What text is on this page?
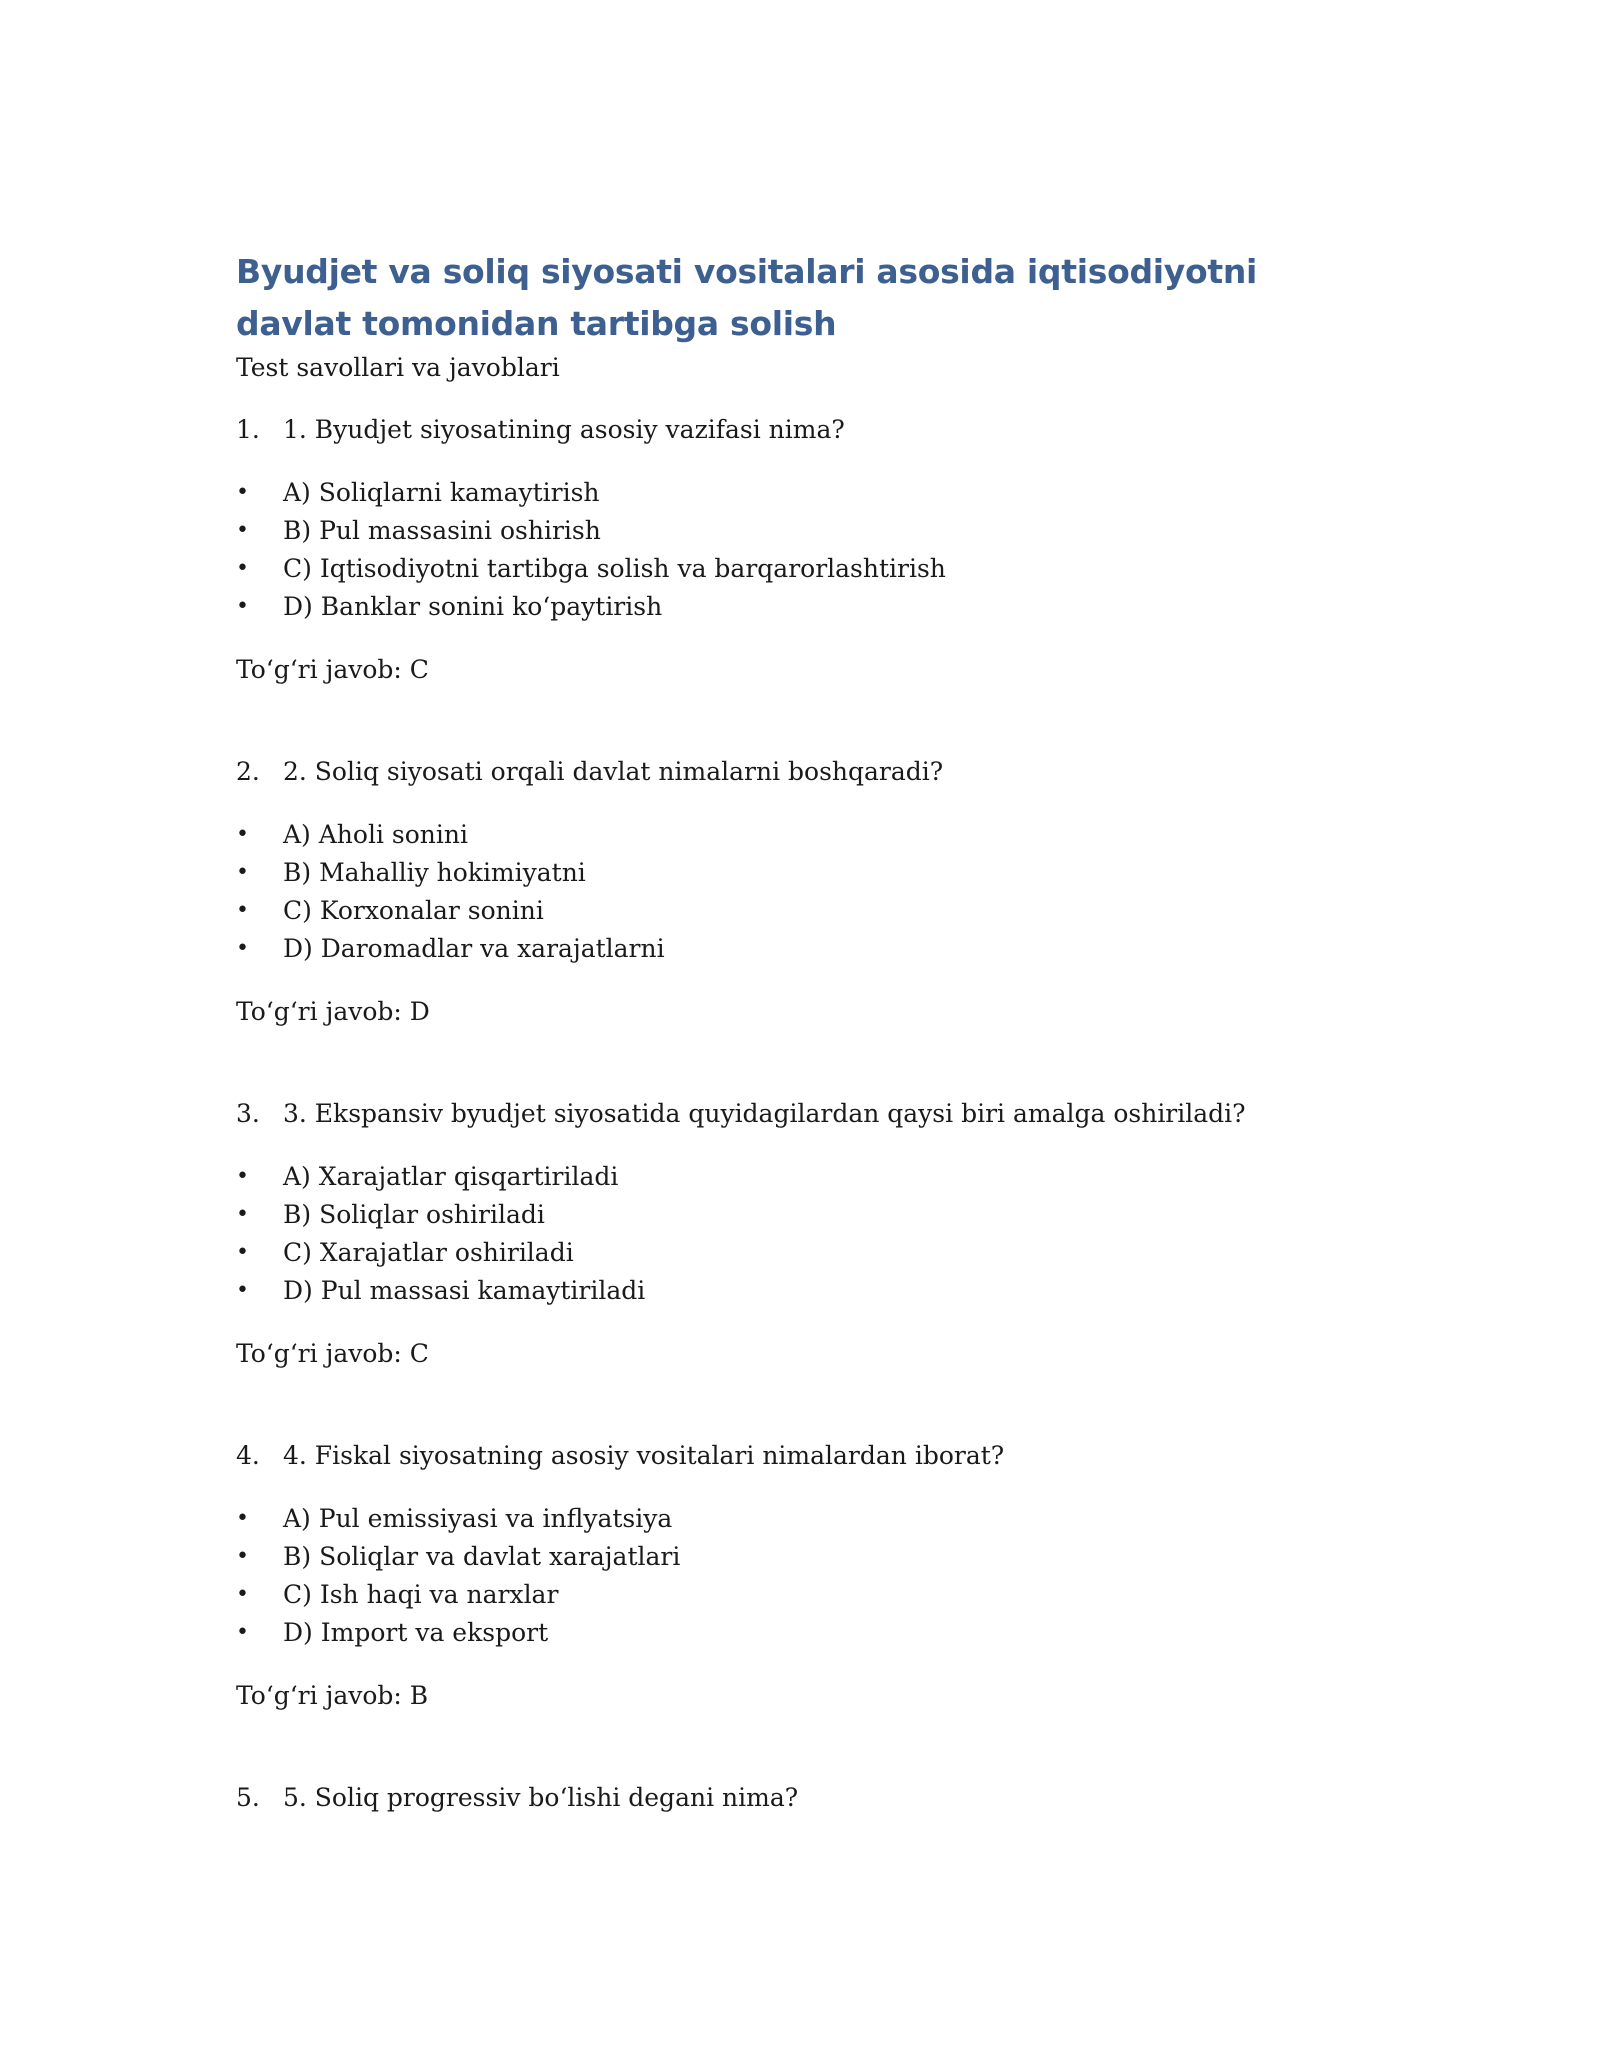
Byudjet va soliq siyosati vositalari asosida iqtisodiyotni davlat tomonidan tartibga solish

Test savollari va javoblari

1. 1. Byudjet siyosatining asosiy vazifasi nima?
•	A) Soliqlarni kamaytirish
•	B) Pul massasini oshirish
•	C) Iqtisodiyotni tartibga solish va barqarorlashtirish
•	D) Banklar sonini ko‘paytirish

To‘g‘ri javob: C

2. 2. Soliq siyosati orqali davlat nimalarni boshqaradi?
•	A) Aholi sonini
•	B) Mahalliy hokimiyatni
•	C) Korxonalar sonini
•	D) Daromadlar va xarajatlarni

To‘g‘ri javob: D

3. 3. Ekspansiv byudjet siyosatida quyidagilardan qaysi biri amalga oshiriladi?
•	A) Xarajatlar qisqartiriladi
•	B) Soliqlar oshiriladi
•	C) Xarajatlar oshiriladi
•	D) Pul massasi kamaytiriladi

To‘g‘ri javob: C

4. 4. Fiskal siyosatning asosiy vositalari nimalardan iborat?
•	A) Pul emissiyasi va inflyatsiya
•	B) Soliqlar va davlat xarajatlari
•	C) Ish haqi va narxlar
•	D) Import va eksport

To‘g‘ri javob: B

5. 5. Soliq progressiv bo‘lishi degani nima?
